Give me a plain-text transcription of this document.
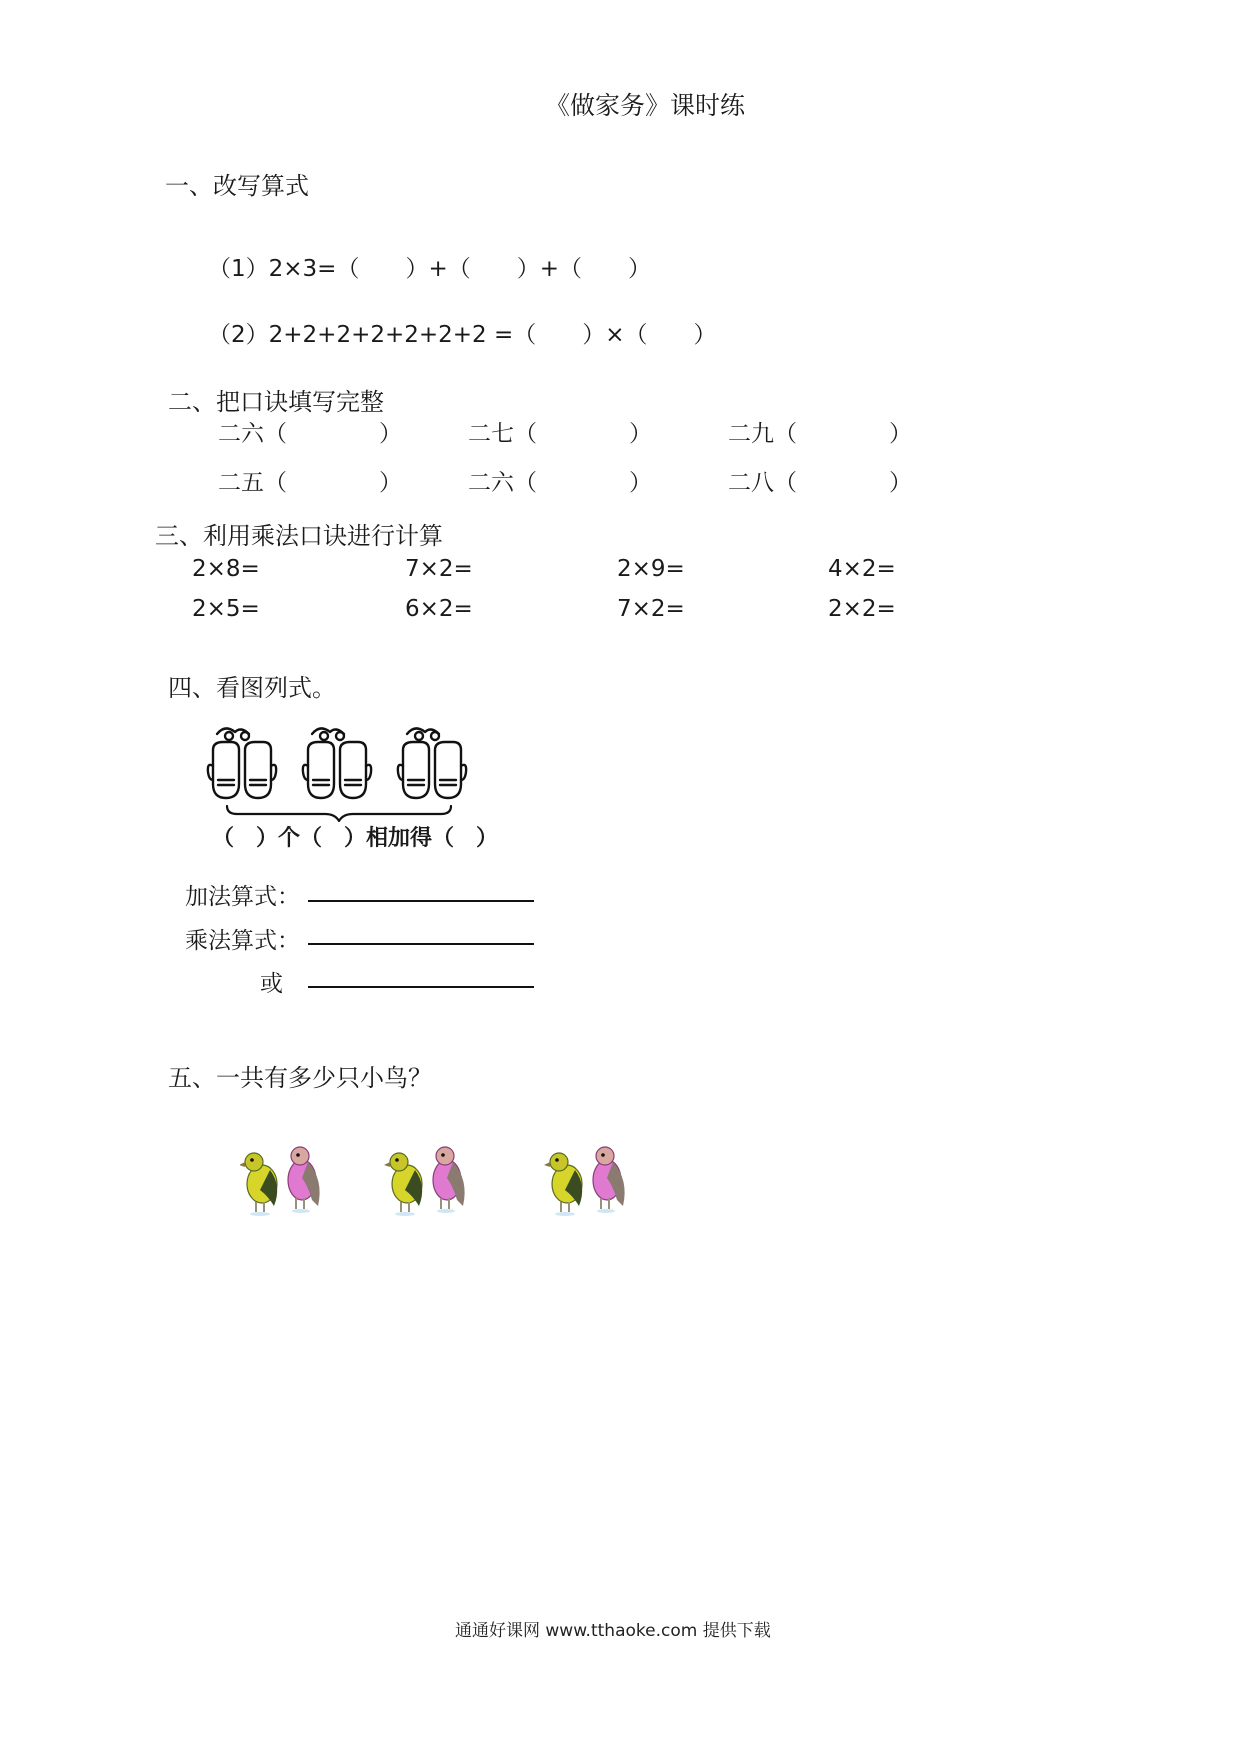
《做家务》课时练
一、改写算式
（1）2×3=（　　）+（　　）+（　　）
（2）2+2+2+2+2+2+2 =（　　）×（　　）
二、把口诀填写完整
二六（　　　　）	二七（　　　　）	二九（　　　　）
二五（　　　　）	二六（　　　　）	二八（　　　　）
三、利用乘法口诀进行计算
2×8=	7×2=	2×9=	4×2=
2×5=	6×2=	7×2=	2×2=
四、看图列式。
（　）个（　）相加得（　）
加法算式：
乘法算式：
或
五、一共有多少只小鸟？
通通好课网 www.tthaoke.com 提供下载
